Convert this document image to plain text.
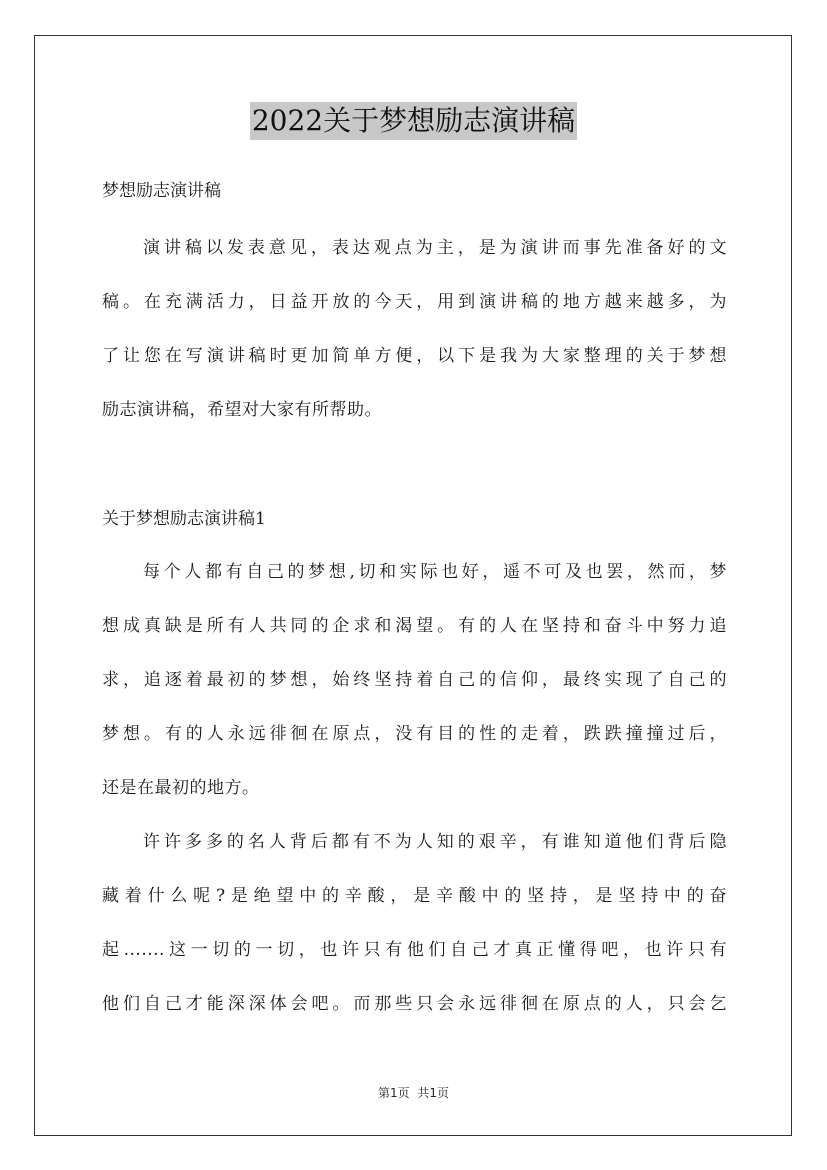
2022关于梦想励志演讲稿

梦想励志演讲稿

演讲稿以发表意见，表达观点为主，是为演讲而事先准备好的文
稿。在充满活力，日益开放的今天，用到演讲稿的地方越来越多，为
了让您在写演讲稿时更加简单方便，以下是我为大家整理的关于梦想
励志演讲稿，希望对大家有所帮助。

关于梦想励志演讲稿1

每个人都有自己的梦想,切和实际也好，遥不可及也罢，然而，梦
想成真缺是所有人共同的企求和渴望。有的人在坚持和奋斗中努力追
求，追逐着最初的梦想，始终坚持着自己的信仰，最终实现了自己的
梦想。有的人永远徘徊在原点，没有目的性的走着，跌跌撞撞过后，
还是在最初的地方。

许许多多的名人背后都有不为人知的艰辛，有谁知道他们背后隐
藏着什么呢?是绝望中的辛酸，是辛酸中的坚持，是坚持中的奋
起.......这一切的一切，也许只有他们自己才真正懂得吧，也许只有
他们自己才能深深体会吧。而那些只会永远徘徊在原点的人，只会乞

第1页 共1页
